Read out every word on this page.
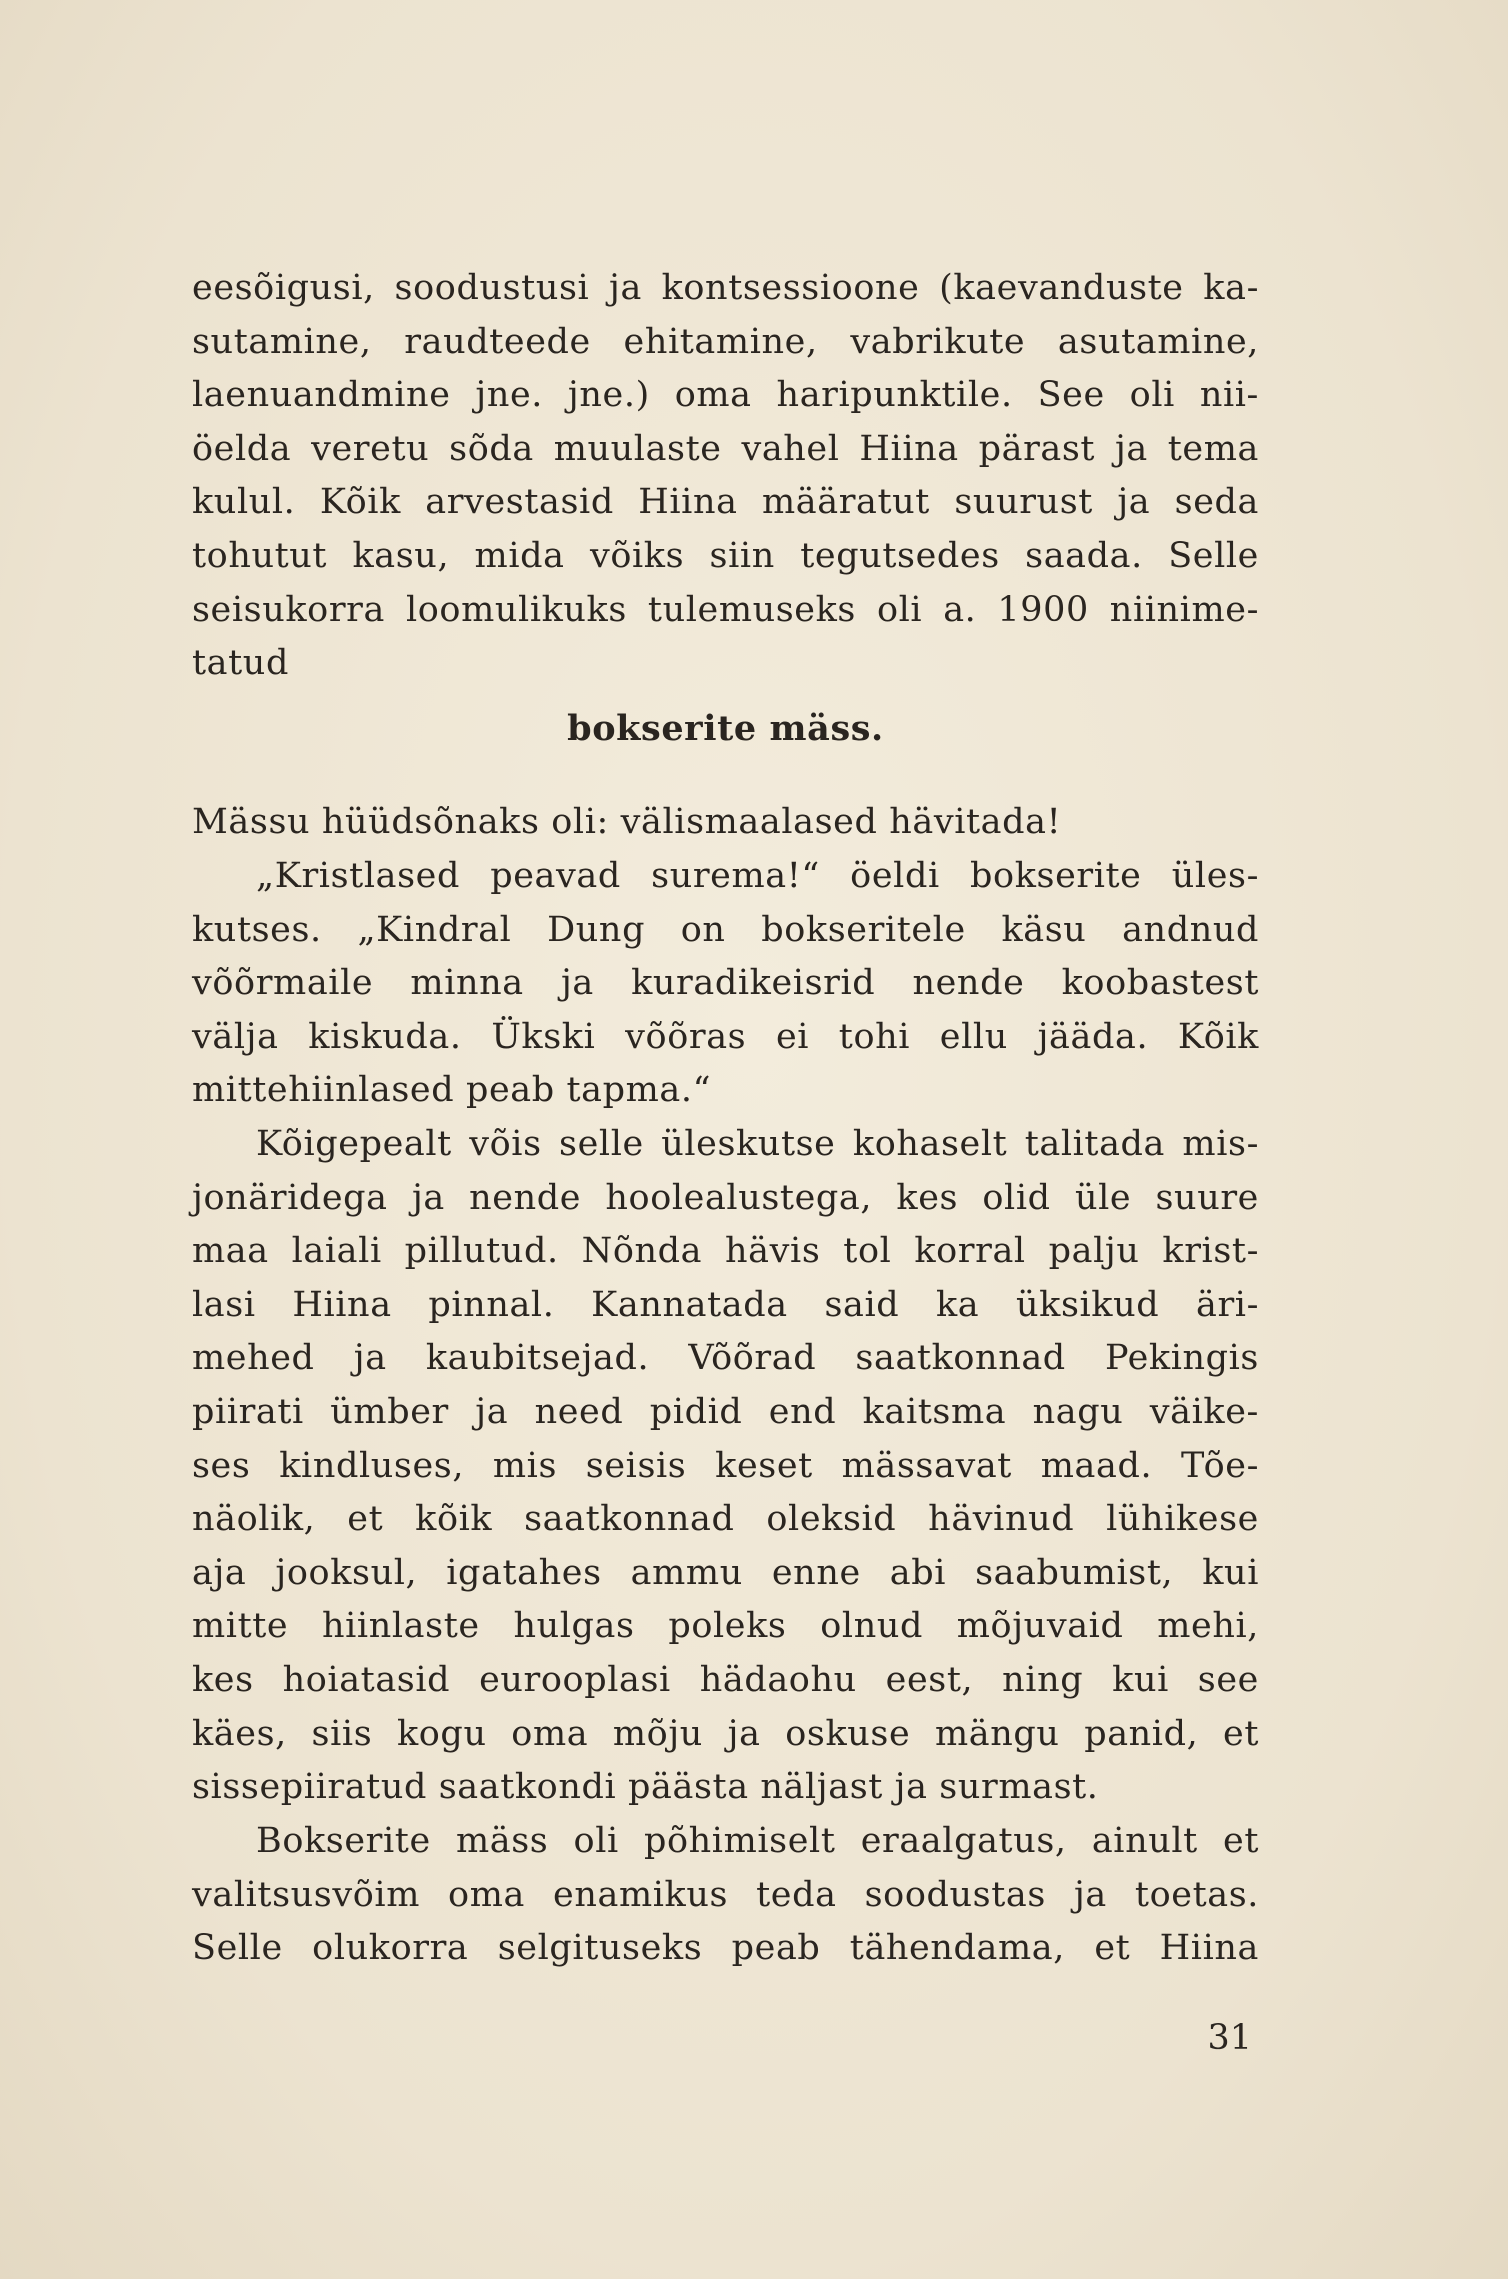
eesõigusi, soodustusi ja kontsessioone (kaevanduste ka-
sutamine, raudteede ehitamine, vabrikute asutamine,
laenuandmine jne. jne.) oma haripunktile. See oli nii-
öelda veretu sõda muulaste vahel Hiina pärast ja tema
kulul. Kõik arvestasid Hiina määratut suurust ja seda
tohutut kasu, mida võiks siin tegutsedes saada. Selle
seisukorra loomulikuks tulemuseks oli a. 1900 niinime-
tatud
bokserite mäss.
Mässu hüüdsõnaks oli: välismaalased hävitada!
„Kristlased peavad surema!“ öeldi bokserite üles-
kutses. „Kindral Dung on bokseritele käsu andnud
võõrmaile minna ja kuradikeisrid nende koobastest
välja kiskuda. Ükski võõras ei tohi ellu jääda. Kõik
mittehiinlased peab tapma.“
Kõigepealt võis selle üleskutse kohaselt talitada mis-
jonäridega ja nende hoolealustega, kes olid üle suure
maa laiali pillutud. Nõnda hävis tol korral palju krist-
lasi Hiina pinnal. Kannatada said ka üksikud äri-
mehed ja kaubitsejad. Võõrad saatkonnad Pekingis
piirati ümber ja need pidid end kaitsma nagu väike-
ses kindluses, mis seisis keset mässavat maad. Tõe-
näolik, et kõik saatkonnad oleksid hävinud lühikese
aja jooksul, igatahes ammu enne abi saabumist, kui
mitte hiinlaste hulgas poleks olnud mõjuvaid mehi,
kes hoiatasid eurooplasi hädaohu eest, ning kui see
käes, siis kogu oma mõju ja oskuse mängu panid, et
sissepiiratud saatkondi päästa näljast ja surmast.
Bokserite mäss oli põhimiselt eraalgatus, ainult et
valitsusvõim oma enamikus teda soodustas ja toetas.
Selle olukorra selgituseks peab tähendama, et Hiina
31
